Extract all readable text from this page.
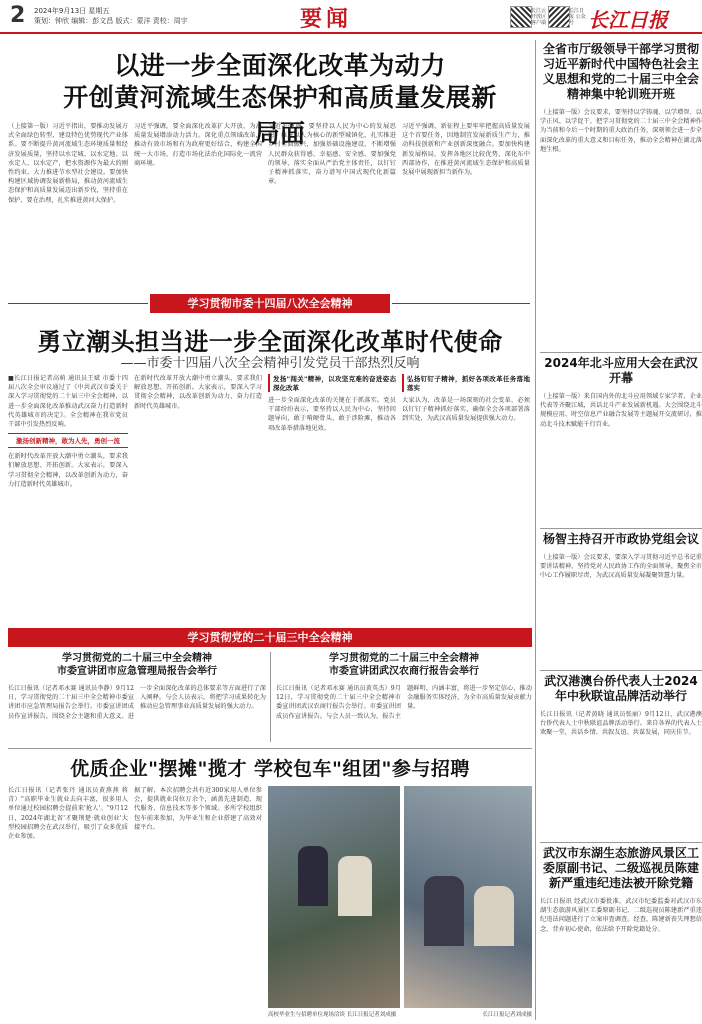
2 2024年9月13日 星期五
策划：钟欣 编辑：彭文昌 版式：蒙洋 责校：周宇	要闻	长江云开放区客户端
长江日报 公众号 长江日报
以进一步全面深化改革为动力
开创黄河流域生态保护和高质量发展新局面
（上接第一版）习近平指出，要推动发展方式全面绿色转型，建设特色优势现代产业体系。要不断提升黄河流域生态环境质量和经济发展质量，坚持以水定城、以水定地、以水定人、以水定产，把水资源作为最大的刚性约束，大力推进节水型社会建设。要加快构建区域协调发展新格局，推动黄河流域生态保护和高质量发展迈出新步伐，坚持重在保护、要在治理，扎实推进黄河大保护。
习近平强调，要全面深化改革扩大开放，为高质量发展增添动力活力。深化重点领域改革，推动有效市场和有为政府更好结合，构建全国统一大市场，打造市场化法治化国际化一流营商环境。
习近平强调，要坚持以人民为中心的发展思想，推进以人为核心的新型城镇化，扎实推进乡村全面振兴，加强基础设施建设，不断增强人民群众获得感、幸福感、安全感。要加强党的领导，落实全面从严治党主体责任，以钉钉子精神抓落实，奋力谱写中国式现代化新篇章。
习近平强调，新征程上要牢牢把握高质量发展这个首要任务，因地制宜发展新质生产力，推动科技创新和产业创新深度融合。要加快构建新发展格局，发挥各地区比较优势，深化东中西部协作，在推进黄河流域生态保护和高质量发展中展现新担当新作为。
学习贯彻市委十四届八次全会精神
勇立潮头担当进一步全面深化改革时代使命
——市委十四届八次全会精神引发党员干部热烈反响
■长江日报记者高萌 通讯员王斌 市委十四届八次全会审议通过了《中共武汉市委关于深入学习贯彻党的二十届三中全会精神，以进一步全面深化改革推动武汉奋力打造新时代英雄城市的决定》。全会精神在我市党员干部中引发热烈反响。
激扬创新精神，敢为人先，勇创一流
在新时代改革开放大潮中勇立潮头，要求我们解放思想、开拓创新。大家表示，要深入学习贯彻全会精神，以改革创新为动力，奋力打造新时代英雄城市。
在新时代改革开放大潮中勇立潮头，要求我们解放思想、开拓创新。大家表示，要深入学习贯彻全会精神，以改革创新为动力，奋力打造新时代英雄城市。
发扬"闯关"精神，以攻坚克难的奋进姿态深化改革
进一步全面深化改革的关键在于抓落实。党员干部纷纷表示，要坚持以人民为中心，坚持问题导向，敢于啃硬骨头、敢于涉险滩，推动各项改革举措落地见效。
弘扬钉钉子精神，抓好各项改革任务落地落实
大家认为，改革是一场深刻的社会变革，必须以钉钉子精神抓好落实，确保全会各项部署落到实处，为武汉高质量发展提供强大动力。
学习贯彻党的二十届三中全会精神
学习贯彻党的二十届三中全会精神
市委宣讲团市应急管理局报告会举行
长江日报讯（记者邓永赛 通讯员李静）9月12日，学习贯彻党的二十届三中全会精神市委宣讲团市应急管理局报告会举行。市委宣讲团成员作宣讲报告，围绕全会主题和重大意义、进一步全面深化改革的总体要求等方面进行了深入阐释。与会人员表示，将把学习成果转化为推动应急管理事业高质量发展的强大动力。
学习贯彻党的二十届三中全会精神
市委宣讲团武汉农商行报告会举行
长江日报讯（记者邓永赛 通讯员黄英杰）9月12日，学习贯彻党的二十届三中全会精神市委宣讲团武汉农商行报告会举行。市委宣讲团成员作宣讲报告。与会人员一致认为，报告主题鲜明、内涵丰富，将进一步坚定信心，推动金融服务实体经济，为全市高质量发展贡献力量。
优质企业"摆摊"揽才 学校包车"组团"参与招聘
长江日报讯（记者张丹 通讯员黄燕燕 蒋青）"高职毕业生就业去向丰富，很多用人单位通过校园招聘会提前来'抢人'。"9月12日，2024年湖北省'才聚荆楚·就业创业'大型校园招聘会在武汉举行，吸引了众多优质企业参加。
据了解，本次招聘会共有近300家用人单位参会，提供就业岗位万余个，涵盖先进制造、现代服务、信息技术等多个领域。多所学校组织包车前来参加，为毕业生和企业搭建了高效对接平台。
高校毕业生与招聘单位现场洽谈 长江日报记者刘成摄	长江日报记者刘成摄
全省市厅级领导干部学习贯彻习近平新时代中国特色社会主义思想和党的二十届三中全会精神集中轮训班开班
（上接第一版）会议要求，要坚持以学铸魂、以学增智、以学正风、以学促干，把学习贯彻党的二十届三中全会精神作为当前和今后一个时期的重大政治任务，深刻领会进一步全面深化改革的重大意义和目标任务，推动全会精神在湖北落地生根。
2024年北斗应用大会在武汉开幕
（上接第一版）来自国内外的北斗应用领域专家学者、企业代表等齐聚江城，共话北斗产业发展新机遇。大会围绕北斗规模应用、时空信息产业融合发展等主题展开交流研讨，推动北斗技术赋能千行百业。
杨智主持召开市政协党组会议
（上接第一版）会议要求，要深入学习贯彻习近平总书记重要讲话精神，坚持党对人民政协工作的全面领导，聚焦全市中心工作履职尽责，为武汉高质量发展凝聚智慧力量。
武汉港澳台侨代表人士2024年中秋联谊品牌活动举行
长江日报讯（记者黄晓 通讯员张丽）9月12日，武汉港澳台侨代表人士中秋联谊品牌活动举行。来自各界的代表人士欢聚一堂，共话乡情、共叙友谊、共谋发展，同庆佳节。
武汉市东湖生态旅游风景区工委原副书记、二级巡视员陈建新严重违纪违法被开除党籍
长江日报讯 经武汉市委批准，武汉市纪委监委对武汉市东湖生态旅游风景区工委原副书记、二级巡视员陈建新严重违纪违法问题进行了立案审查调查。经查，陈建新丧失理想信念，背弃初心使命，依法给予开除党籍处分。
